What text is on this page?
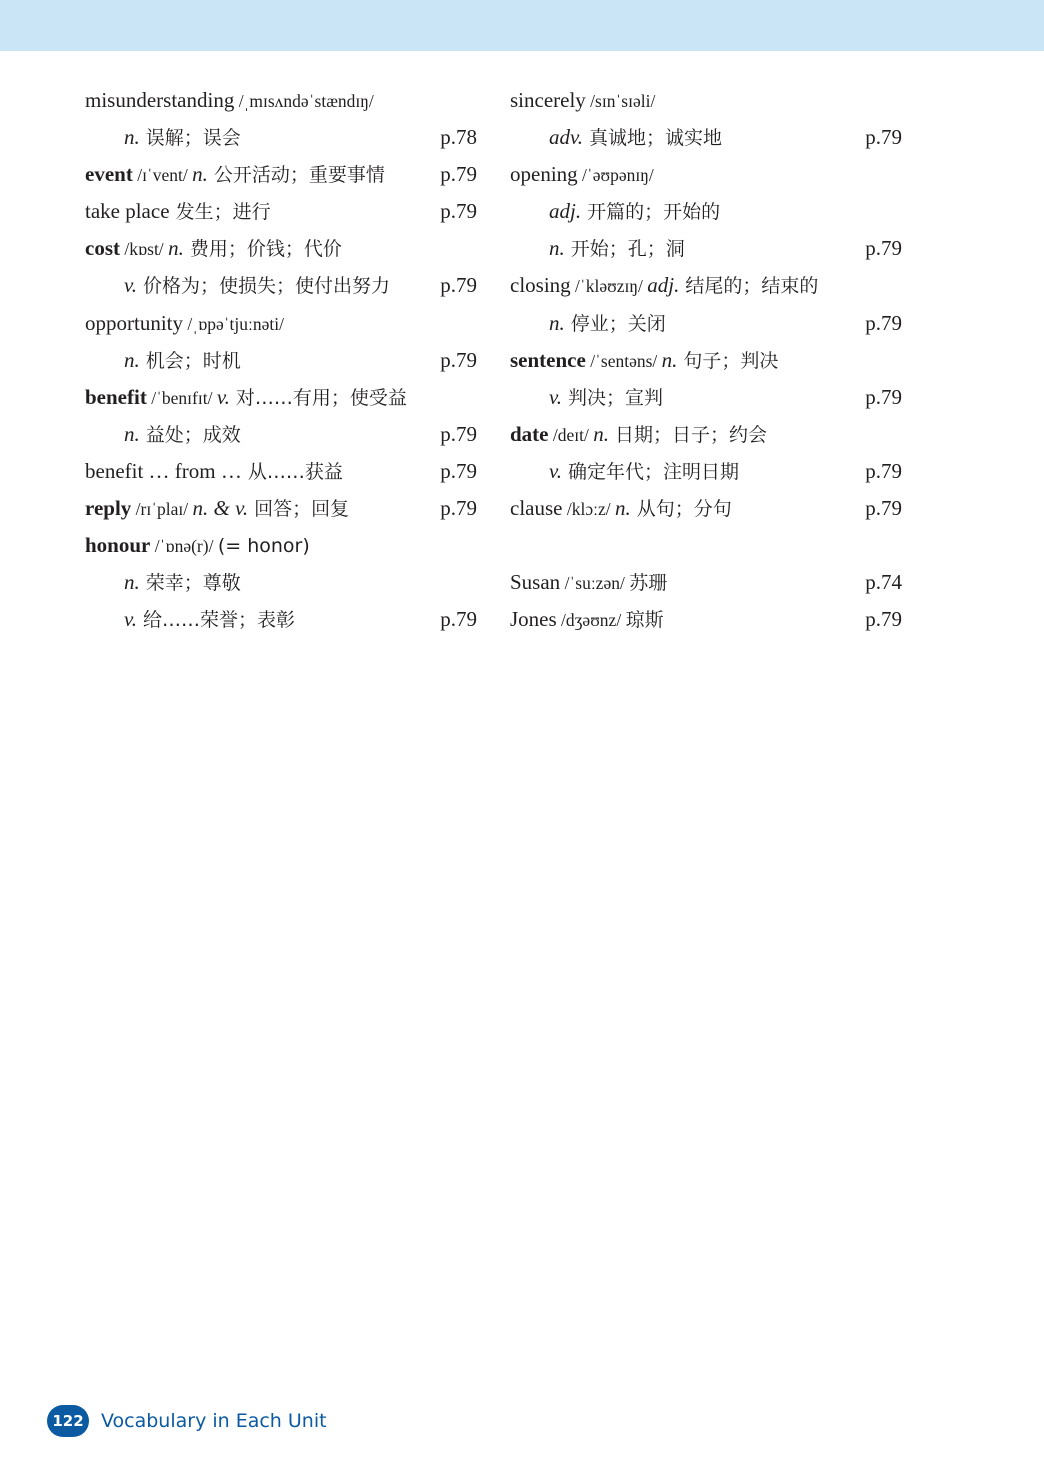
misunderstanding /ˌmɪsʌndəˈstændɪŋ/
n. 误解；误会	p.78
event /ɪˈvent/ n. 公开活动；重要事情	p.79
take place 发生；进行	p.79
cost /kɒst/ n. 费用；价钱；代价
v. 价格为；使损失；使付出努力 p.79
opportunity /ˌɒpəˈtjuːnəti/
n. 机会；时机	p.79
benefit /ˈbenɪfɪt/ v. 对……有用；使受益
n. 益处；成效	p.79
benefit … from … 从……获益	p.79
reply /rɪˈplaɪ/ n. & v. 回答；回复	p.79
honour /ˈɒnə(r)/ (= honor)
n. 荣幸；尊敬
v. 给……荣誉；表彰	p.79
sincerely /sɪnˈsɪəli/
adv. 真诚地；诚实地	p.79
opening /ˈəʊpənɪŋ/
adj. 开篇的；开始的
n. 开始；孔；洞	p.79
closing /ˈkləʊzɪŋ/ adj. 结尾的；结束的
n. 停业；关闭	p.79
sentence /ˈsentəns/ n. 句子；判决
v. 判决；宣判	p.79
date /deɪt/ n. 日期；日子；约会
v. 确定年代；注明日期	p.79
clause /klɔːz/ n. 从句；分句	p.79
Susan /ˈsuːzən/ 苏珊	p.74
Jones /dʒəʊnz/ 琼斯	p.79
122 Vocabulary in Each Unit
